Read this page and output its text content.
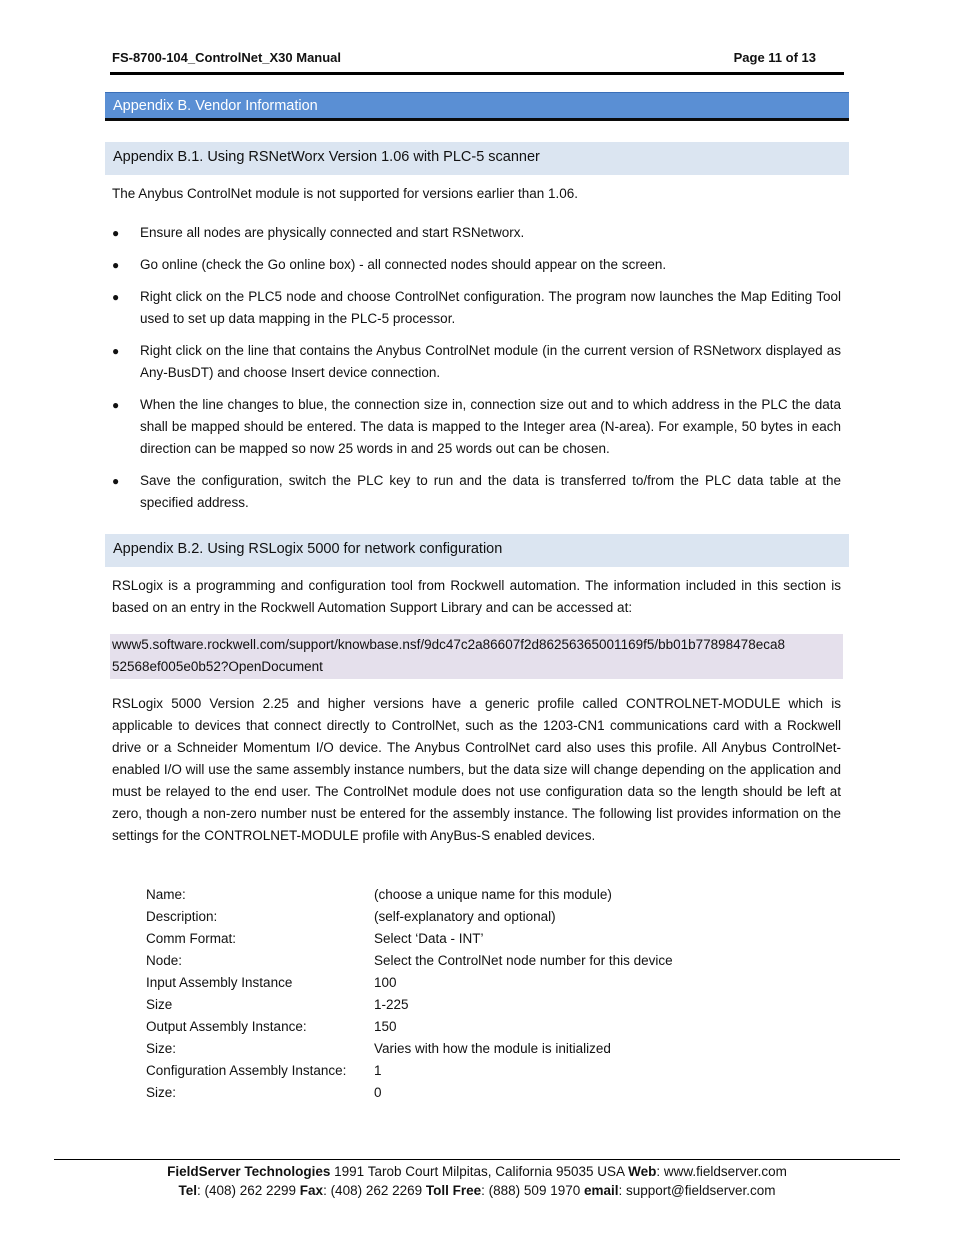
FS-8700-104_ControlNet_X30 Manual	Page 11 of 13
Appendix B. Vendor Information
Appendix B.1. Using RSNetWorx Version 1.06 with PLC-5 scanner
The Anybus ControlNet module is not supported for versions earlier than 1.06.
● Ensure all nodes are physically connected and start RSNetworx.
● Go online (check the Go online box) - all connected nodes should appear on the screen.
● Right click on the PLC5 node and choose ControlNet configuration. The program now launches the Map Editing Tool used to set up data mapping in the PLC-5 processor.
● Right click on the line that contains the Anybus ControlNet module (in the current version of RSNetworx displayed as Any-BusDT) and choose Insert device connection.
● When the line changes to blue, the connection size in, connection size out and to which address in the PLC the data shall be mapped should be entered. The data is mapped to the Integer area (N-area). For example, 50 bytes in each direction can be mapped so now 25 words in and 25 words out can be chosen.
● Save the configuration, switch the PLC key to run and the data is transferred to/from the PLC data table at the specified address.
Appendix B.2. Using RSLogix 5000 for network configuration
RSLogix is a programming and configuration tool from Rockwell automation. The information included in this section is based on an entry in the Rockwell Automation Support Library and can be accessed at:
www5.software.rockwell.com/support/knowbase.nsf/9dc47c2a86607f2d86256365001169f5/bb01b77898478eca8
52568ef005e0b52?OpenDocument
RSLogix 5000 Version 2.25 and higher versions have a generic profile called CONTROLNET-MODULE which is applicable to devices that connect directly to ControlNet, such as the 1203-CN1 communications card with a Rockwell drive or a Schneider Momentum I/O device. The Anybus ControlNet card also uses this profile. All Anybus ControlNet-enabled I/O will use the same assembly instance numbers, but the data size will change depending on the application and must be relayed to the end user. The ControlNet module does not use configuration data so the length should be left at zero, though a non-zero number nust be entered for the assembly instance. The following list provides information on the settings for the CONTROLNET-MODULE profile with AnyBus-S enabled devices.
Name:	(choose a unique name for this module)
Description:	(self-explanatory and optional)
Comm Format:	Select ‘Data - INT’
Node:	Select the ControlNet node number for this device
Input Assembly Instance	100
Size	1-225
Output Assembly Instance:	150
Size:	Varies with how the module is initialized
Configuration Assembly Instance:	1
Size:	0
FieldServer Technologies 1991 Tarob Court Milpitas, California 95035 USA Web: www.fieldserver.com
Tel: (408) 262 2299 Fax: (408) 262 2269 Toll Free: (888) 509 1970 email: support@fieldserver.com
